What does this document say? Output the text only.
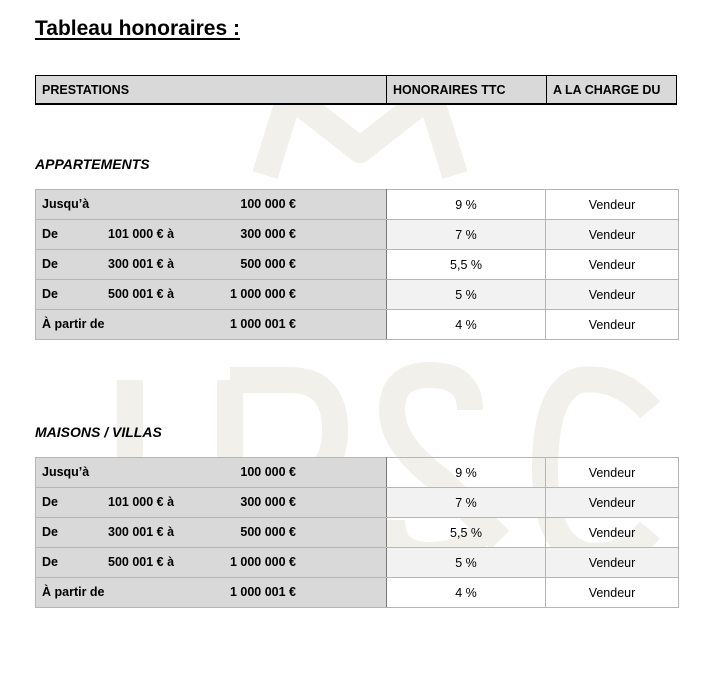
Tableau honoraires :
PRESTATIONS	HONORAIRES TTC	A LA CHARGE DU
APPARTEMENTS
Jusqu’à 100 000 €	9 %	Vendeur

De 101 000 € à 300 000 €	7 %	Vendeur

De 300 001 € à 500 000 €	5,5 %	Vendeur

De 500 001 € à 1 000 000 €	5 %	Vendeur

À partir de 1 000 001 €	4 %	Vendeur
MAISONS / VILLAS
Jusqu’à 100 000 €	9 %	Vendeur

De 101 000 € à 300 000 €	7 %	Vendeur

De 300 001 € à 500 000 €	5,5 %	Vendeur

De 500 001 € à 1 000 000 €	5 %	Vendeur

À partir de 1 000 001 €	4 %	Vendeur
